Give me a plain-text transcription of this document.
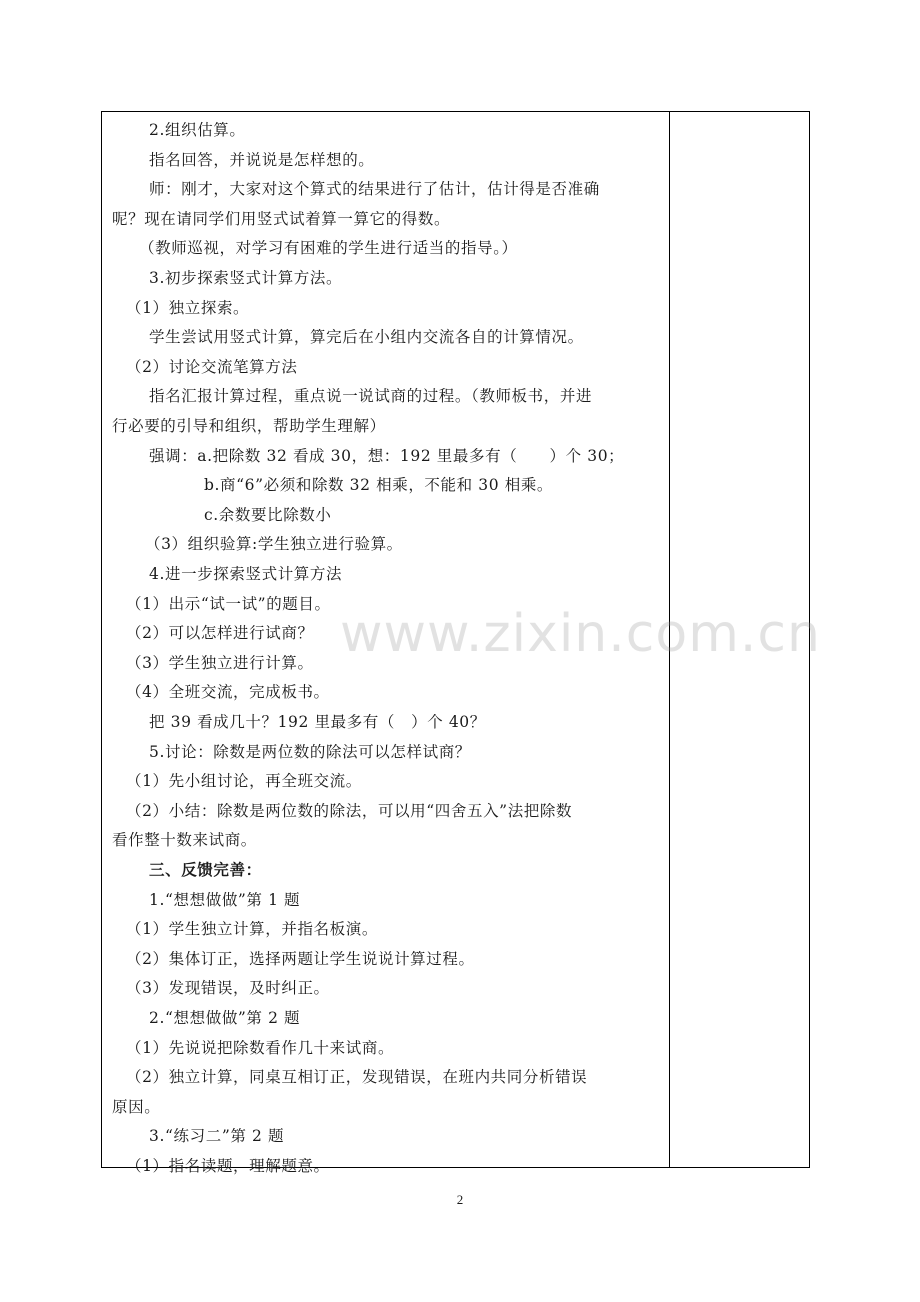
2.组织估算。
指名回答，并说说是怎样想的。
师：刚才，大家对这个算式的结果进行了估计，估计得是否准确
呢？现在请同学们用竖式试着算一算它的得数。
（教师巡视，对学习有困难的学生进行适当的指导。）
3.初步探索竖式计算方法。
（1）独立探索。
学生尝试用竖式计算，算完后在小组内交流各自的计算情况。
（2）讨论交流笔算方法
指名汇报计算过程，重点说一说试商的过程。（教师板书，并进
行必要的引导和组织，帮助学生理解）
强调：a.把除数 32 看成 30，想：192 里最多有（　　）个 30；
b.商“6”必须和除数 32 相乘，不能和 30 相乘。
c.余数要比除数小
（3）组织验算:学生独立进行验算。
4.进一步探索竖式计算方法
（1）出示“试一试”的题目。
（2）可以怎样进行试商？
（3）学生独立进行计算。
（4）全班交流，完成板书。
把 39 看成几十？192 里最多有（　）个 40？
5.讨论：除数是两位数的除法可以怎样试商？
（1）先小组讨论，再全班交流。
（2）小结：除数是两位数的除法，可以用“四舍五入”法把除数
看作整十数来试商。
三、反馈完善：
1.“想想做做”第 1 题
（1）学生独立计算，并指名板演。
（2）集体订正，选择两题让学生说说计算过程。
（3）发现错误，及时纠正。
2.“想想做做”第 2 题
（1）先说说把除数看作几十来试商。
（2）独立计算，同桌互相订正，发现错误，在班内共同分析错误
原因。
3.“练习二”第 2 题
（1）指名读题，理解题意。
www.zixin.com.cn
2
